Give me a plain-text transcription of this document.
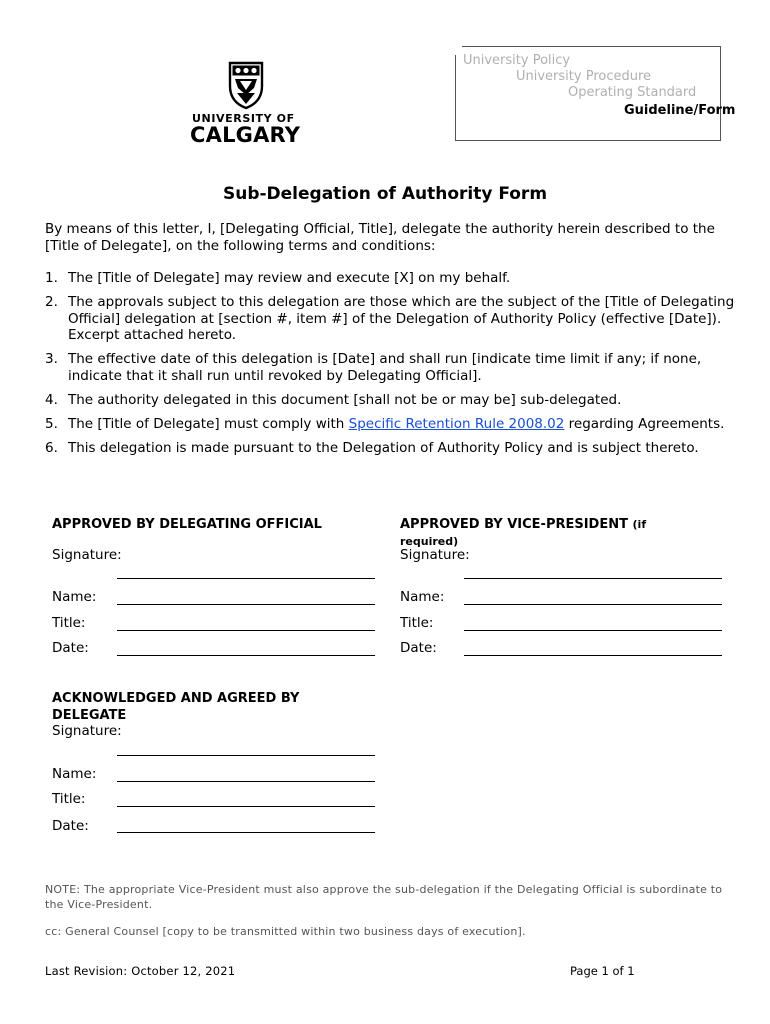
UNIVERSITY OF
CALGARY
University Policy
University Procedure
Operating Standard
Guideline/Form
Sub-Delegation of Authority Form
By means of this letter, I, [Delegating Official, Title], delegate the authority herein described to the [Title of Delegate], on the following terms and conditions:
1. The [Title of Delegate] may review and execute [X] on my behalf.
2. The approvals subject to this delegation are those which are the subject of the [Title of Delegating Official] delegation at [section #, item #] of the Delegation of Authority Policy (effective [Date]). Excerpt attached hereto.
3. The effective date of this delegation is [Date] and shall run [indicate time limit if any; if none, indicate that it shall run until revoked by Delegating Official].
4. The authority delegated in this document [shall not be or may be] sub-delegated.
5. The [Title of Delegate] must comply with Specific Retention Rule 2008.02 regarding Agreements.
6. This delegation is made pursuant to the Delegation of Authority Policy and is subject thereto.
APPROVED BY DELEGATING OFFICIAL
Signature:
Name:
Title:
Date:
APPROVED BY VICE-PRESIDENT (if required)
Signature:
Name:
Title:
Date:
ACKNOWLEDGED AND AGREED BY DELEGATE
Signature:
Name:
Title:
Date:
NOTE: The appropriate Vice-President must also approve the sub-delegation if the Delegating Official is subordinate to the Vice-President.
cc: General Counsel [copy to be transmitted within two business days of execution].
Last Revision: October 12, 2021	Page 1 of 1
